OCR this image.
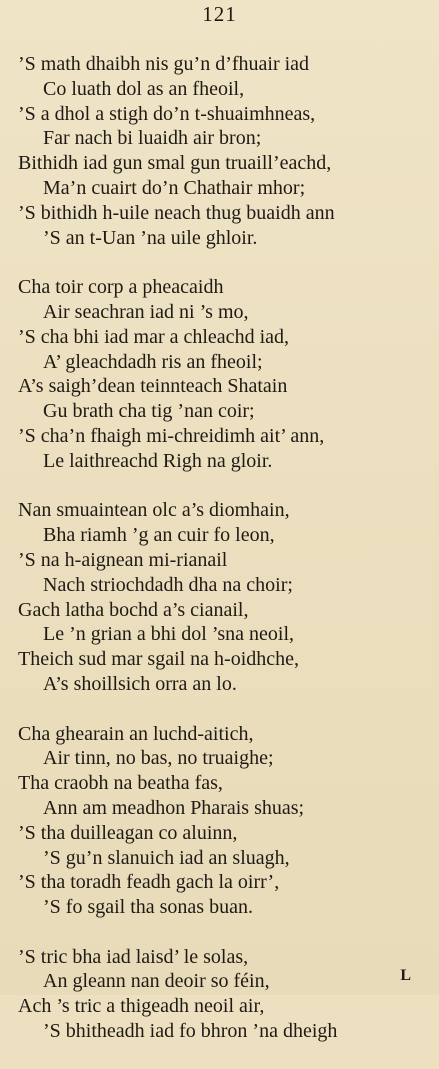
121
’S math dhaibh nis gu’n d’fhuair iad
Co luath dol as an fheoil,
’S a dhol a stigh do’n t-shuaimhneas,
Far nach bi luaidh air bron;
Bithidh iad gun smal gun truaill’eachd,
Ma’n cuairt do’n Chathair mhor;
’S bithidh h-uile neach thug buaidh ann
’S an t-Uan ’na uile ghloir.
Cha toir corp a pheacaidh
Air seachran iad ni ’s mo,
’S cha bhi iad mar a chleachd iad,
A’ gleachdadh ris an fheoil;
A’s saigh’dean teinnteach Shatain
Gu brath cha tig ’nan coir;
’S cha’n fhaigh mi-chreidimh ait’ ann,
Le laithreachd Righ na gloir.
Nan smuaintean olc a’s diomhain,
Bha riamh ’g an cuir fo leon,
’S na h-aignean mi-rianail
Nach striochdadh dha na choir;
Gach latha bochd a’s cianail,
Le ’n grian a bhi dol ’sna neoil,
Theich sud mar sgail na h-oidhche,
A’s shoillsich orra an lo.
Cha ghearain an luchd-aitich,
Air tinn, no bas, no truaighe;
Tha craobh na beatha fas,
Ann am meadhon Pharais shuas;
’S tha duilleagan co aluinn,
’S gu’n slanuich iad an sluagh,
’S tha toradh feadh gach la oirr’,
’S fo sgail tha sonas buan.
’S tric bha iad laisd’ le solas,
An gleann nan deoir so féin,
Ach ’s tric a thigeadh neoil air,
’S bhitheadh iad fo bhron ’na dheigh
L
